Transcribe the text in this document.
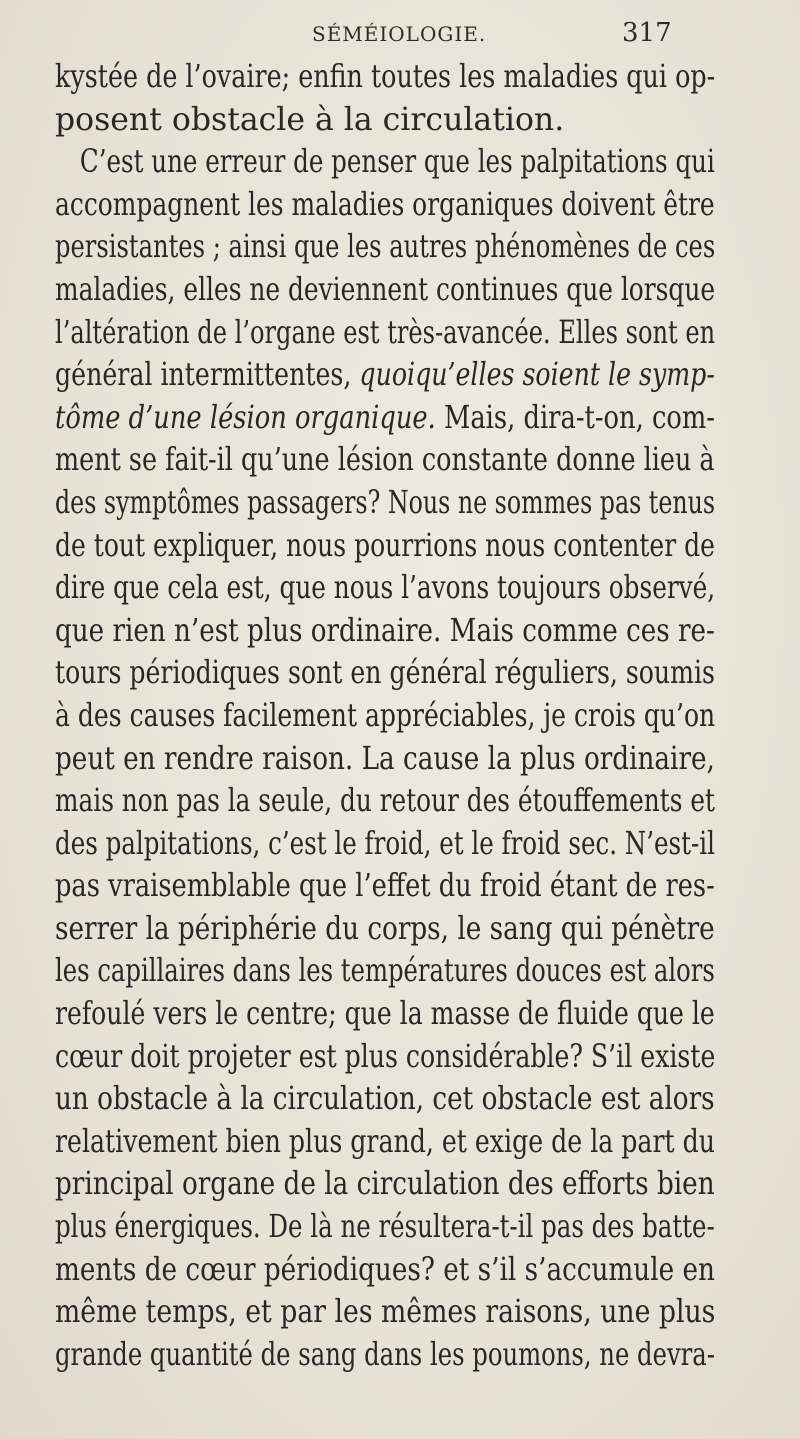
SÉMÉIOLOGIE.	317
kystée de l’ovaire; enfin toutes les maladies qui op-
posent obstacle à la circulation.
C’est une erreur de penser que les palpitations qui
accompagnent les maladies organiques doivent être
persistantes ; ainsi que les autres phénomènes de ces
maladies, elles ne deviennent continues que lorsque
l’altération de l’organe est très-avancée. Elles sont en
général intermittentes, quoiqu’elles soient le symp-
tôme d’une lésion organique. Mais, dira-t-on, com-
ment se fait-il qu’une lésion constante donne lieu à
des symptômes passagers? Nous ne sommes pas tenus
de tout expliquer, nous pourrions nous contenter de
dire que cela est, que nous l’avons toujours observé,
que rien n’est plus ordinaire. Mais comme ces re-
tours périodiques sont en général réguliers, soumis
à des causes facilement appréciables, je crois qu’on
peut en rendre raison. La cause la plus ordinaire,
mais non pas la seule, du retour des étouffements et
des palpitations, c’est le froid, et le froid sec. N’est-il
pas vraisemblable que l’effet du froid étant de res-
serrer la périphérie du corps, le sang qui pénètre
les capillaires dans les températures douces est alors
refoulé vers le centre; que la masse de fluide que le
cœur doit projeter est plus considérable? S’il existe
un obstacle à la circulation, cet obstacle est alors
relativement bien plus grand, et exige de la part du
principal organe de la circulation des efforts bien
plus énergiques. De là ne résultera-t-il pas des batte-
ments de cœur périodiques? et s’il s’accumule en
même temps, et par les mêmes raisons, une plus
grande quantité de sang dans les poumons, ne devra-
